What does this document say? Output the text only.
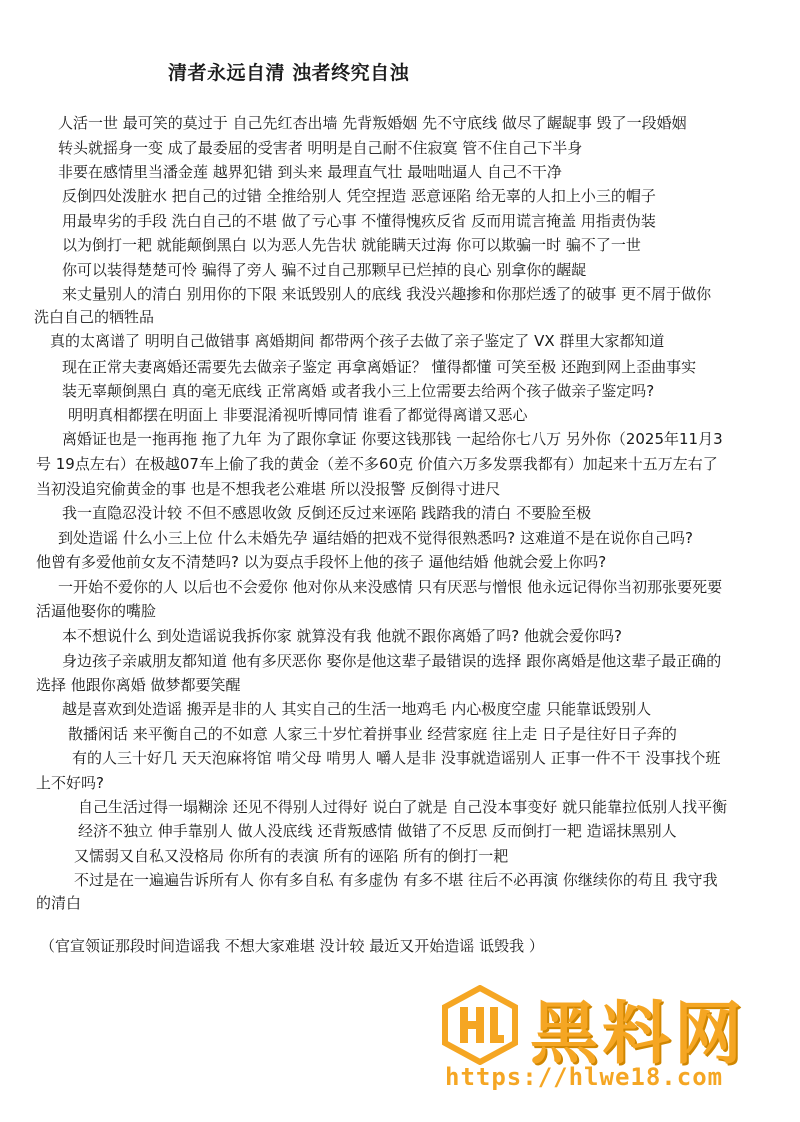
清者永远自清 浊者终究自浊
人活一世 最可笑的莫过于 自己先红杏出墙 先背叛婚姻 先不守底线 做尽了龌龊事 毁了一段婚姻
转头就摇身一变 成了最委屈的受害者 明明是自己耐不住寂寞 管不住自己下半身
非要在感情里当潘金莲 越界犯错 到头来 最理直气壮 最咄咄逼人 自己不干净
反倒四处泼脏水 把自己的过错 全推给别人 凭空捏造 恶意诬陷 给无辜的人扣上小三的帽子
用最卑劣的手段 洗白自己的不堪 做了亏心事 不懂得愧疚反省 反而用谎言掩盖 用指责伪装
以为倒打一耙 就能颠倒黑白 以为恶人先告状 就能瞒天过海 你可以欺骗一时 骗不了一世
你可以装得楚楚可怜 骗得了旁人 骗不过自己那颗早已烂掉的良心 别拿你的龌龊
来丈量别人的清白 别用你的下限 来诋毁别人的底线 我没兴趣掺和你那烂透了的破事 更不屑于做你
洗白自己的牺牲品
真的太离谱了 明明自己做错事 离婚期间 都带两个孩子去做了亲子鉴定了 VX 群里大家都知道
现在正常夫妻离婚还需要先去做亲子鉴定 再拿离婚证？ 懂得都懂 可笑至极 还跑到网上歪曲事实
装无辜颠倒黑白 真的毫无底线 正常离婚 或者我小三上位需要去给两个孩子做亲子鉴定吗?
明明真相都摆在明面上 非要混淆视听博同情 谁看了都觉得离谱又恶心
离婚证也是一拖再拖 拖了九年 为了跟你拿证 你要这钱那钱 一起给你七八万 另外你（2025年11月3
号 19点左右）在极越07车上偷了我的黄金（差不多60克 价值六万多发票我都有）加起来十五万左右了
当初没追究偷黄金的事 也是不想我老公难堪 所以没报警 反倒得寸进尺
我一直隐忍没计较 不但不感恩收敛 反倒还反过来诬陷 践踏我的清白 不要脸至极
到处造谣 什么小三上位 什么未婚先孕 逼结婚的把戏不觉得很熟悉吗? 这难道不是在说你自己吗?
他曾有多爱他前女友不清楚吗? 以为耍点手段怀上他的孩子 逼他结婚 他就会爱上你吗?
一开始不爱你的人 以后也不会爱你 他对你从来没感情 只有厌恶与憎恨 他永远记得你当初那张要死要
活逼他娶你的嘴脸
本不想说什么 到处造谣说我拆你家 就算没有我 他就不跟你离婚了吗? 他就会爱你吗?
身边孩子亲戚朋友都知道 他有多厌恶你 娶你是他这辈子最错误的选择 跟你离婚是他这辈子最正确的
选择 他跟你离婚 做梦都要笑醒
越是喜欢到处造谣 搬弄是非的人 其实自己的生活一地鸡毛 内心极度空虚 只能靠诋毁别人
散播闲话 来平衡自己的不如意 人家三十岁忙着拼事业 经营家庭 往上走 日子是往好日子奔的
有的人三十好几 天天泡麻将馆 啃父母 啃男人 嚼人是非 没事就造谣别人 正事一件不干 没事找个班
上不好吗?
自己生活过得一塌糊涂 还见不得别人过得好 说白了就是 自己没本事变好 就只能靠拉低别人找平衡
经济不独立 伸手靠别人 做人没底线 还背叛感情 做错了不反思 反而倒打一耙 造谣抹黑别人
又懦弱又自私又没格局 你所有的表演 所有的诬陷 所有的倒打一耙
不过是在一遍遍告诉所有人 你有多自私 有多虚伪 有多不堪 往后不必再演 你继续你的苟且 我守我
的清白
（官宣领证那段时间造谣我 不想大家难堪 没计较 最近又开始造谣 诋毁我 ）
黑料网
https://hlwe18.com
